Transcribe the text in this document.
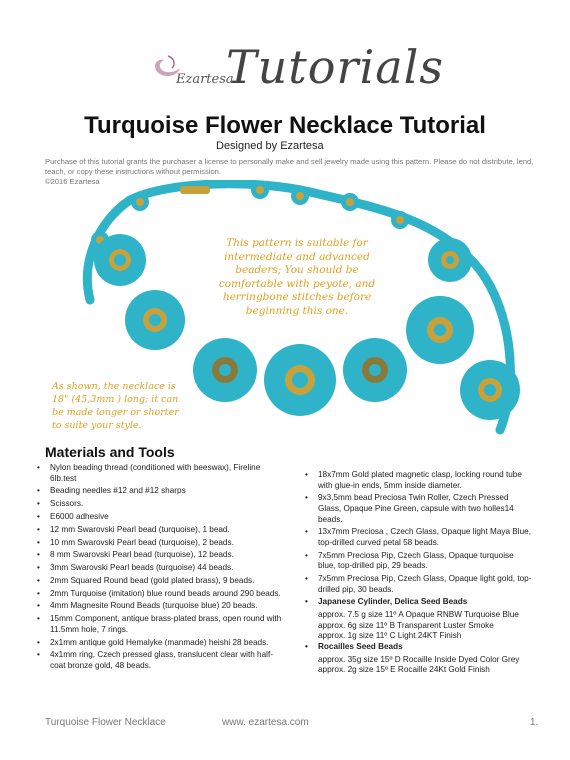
Ezartesa
Tutorials
Turquoise Flower Necklace Tutorial
Designed by Ezartesa
Purchase of this tutorial grants the purchaser a license to personally make and sell jewelry made using this pattern. Please do not distribute, lend, teach, or copy these instructions without permission.
©2016 Ezartesa
This pattern is suitable for intermediate and advanced beaders; You should be comfortable with peyote, and herringbone stitches before beginning this one.
As shown, the necklace is 18" (45,3mm ) long; it can be made longer or shorter to suite your style.
Materials and Tools
• Nylon beading thread (conditioned with beeswax), Fireline 6lb.test
• Beading needles #12 and #12 sharps
• Scissors.
• E6000 adhesive
• 12 mm Swarovski Pearl bead (turquoise), 1 bead.
• 10 mm Swarovski Pearl bead (turquoise), 2 beads.
• 8 mm Swarovski Pearl bead (turquoise), 12 beads.
• 3mm Swarovski Pearl beads (turquoise) 44 beads.
• 2mm Squared Round bead (gold plated brass), 9 beads.
• 2mm Turquoise (imitation) blue round beads around 290 beads.
• 4mm Magnesite Round Beads (turquoise blue) 20 beads.
• 15mm Component, antique brass-plated brass, open round with 11.5mm hole, 7 rings.
• 2x1mm antique gold Hemalyke (manmade) heishi 28 beads.
• 4x1mm ring, Czech pressed glass, translucent clear with half-coat bronze gold, 48 beads.
• 18x7mm Gold plated magnetic clasp, locking round tube with glue-in ends, 5mm inside diameter.
• 9x3,5mm bead Preciosa Twin Roller, Czech Pressed Glass, Opaque Pine Green, capsule with two holles14 beads.
• 13x7mm Preciosa , Czech Glass, Opaque light Maya Blue, top-drilled curved petal 58 beads.
• 7x5mm Preciosa Pip, Czech Glass, Opaque turquoise blue, top-drilled pip, 29 beads.
• 7x5mm Preciosa Pip, Czech Glass, Opaque light gold, top-drilled pip, 30 beads.
• Japanese Cylinder, Delica Seed Beads
approx. 7.5 g size 11º A Opaque RNBW Turquoise Blue
approx. 6g size 11º B Transparent Luster Smoke
approx. 1g size 11º C Light 24KT Finish
• Rocailles Seed Beads
approx. 35g size 15º D Rocaille Inside Dyed Color Grey
approx. 2g size 15º E Rocaille 24Kt Gold Finish
Turquoise Flower Necklace	www. ezartesa.com	1.
